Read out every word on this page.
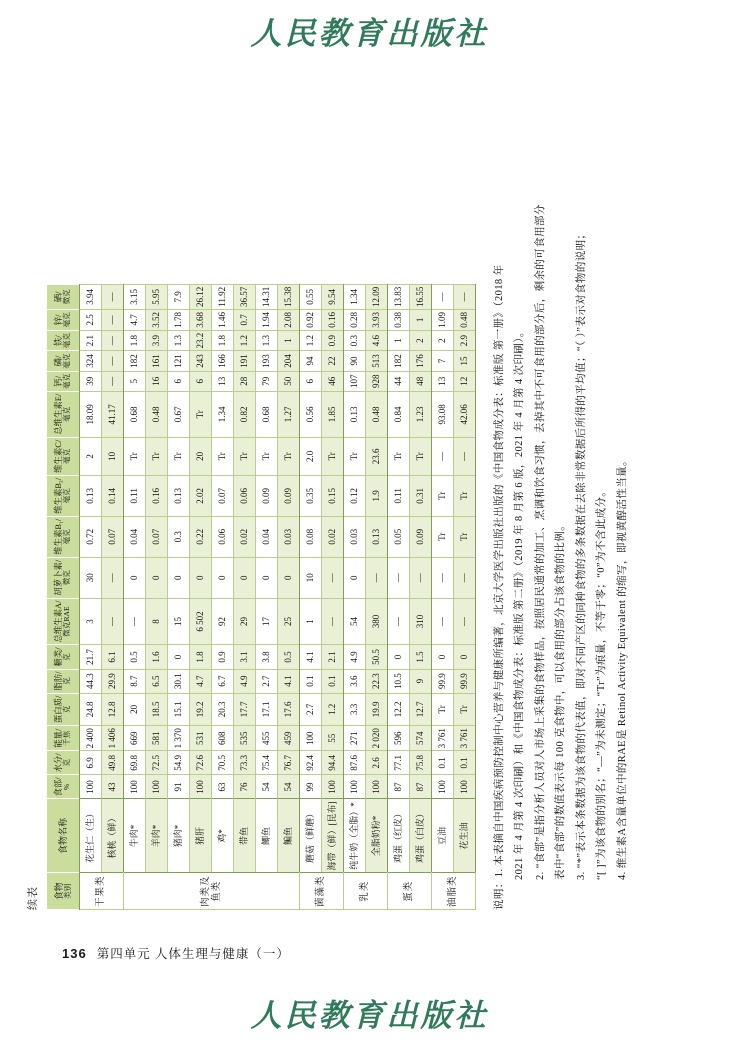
人民教育出版社
续表 食物 类别	食物名称	食部/ %	水分/ 克	能量/ 千焦	蛋白质/ 克	脂肪/ 克	糖类/ 克	总维生素A/ 微克RAE	胡萝卜素/ 微克	维生素B₁/ 毫克	维生素B₂/ 毫克	维生素C/ 毫克	总维生素E/ 毫克	钙/ 毫克	磷/ 毫克	铁/ 毫克	锌/ 毫克	硒/ 微克

干果类	花生仁（生）	100	6.9	2 400	24.8	44.3	21.7	3	30	0.72	0.13	2	18.09	39	324	2.1	2.5	3.94
	核桃（鲜）	43	49.8	1 406	12.8	29.9	6.1	—	—	0.07	0.14	10	41.17	—	—	—	—	—
肉类及
鱼类	牛肉*	100	69.8	669	20	8.7	0.5	—	0	0.04	0.11	Tr	0.68	5	182	1.8	4.7	3.15
	羊肉*	100	72.5	581	18.5	6.5	1.6	8	0	0.07	0.16	Tr	0.48	16	161	3.9	3.52	5.95
	猪肉*	91	54.9	1 370	15.1	30.1	0	15	0	0.3	0.13	Tr	0.67	6	121	1.3	1.78	7.9
	猪肝	100	72.6	531	19.2	4.7	1.8	6 502	0	0.22	2.02	20	Tr	6	243	23.2	3.68	26.12
	鸡*	63	70.5	608	20.3	6.7	0.9	92	0	0.06	0.07	Tr	1.34	13	166	1.8	1.46	11.92
	带鱼	76	73.3	535	17.7	4.9	3.1	29	0	0.02	0.06	Tr	0.82	28	191	1.2	0.7	36.57
	鲫鱼	54	75.4	455	17.1	2.7	3.8	17	0	0.04	0.09	Tr	0.68	79	193	1.3	1.94	14.31
	鳊鱼	54	76.7	459	17.6	4.1	0.5	25	0	0.03	0.09	Tr	1.27	50	204	1	2.08	15.38
菌藻类	蘑菇（鲜蘑）	99	92.4	100	2.7	0.1	4.1	1	10	0.08	0.35	2.0	0.56	6	94	1.2	0.92	0.55
	海带（鲜）[昆布]	100	94.4	55	1.2	0.1	2.1	—	—	0.02	0.15	Tr	1.85	46	22	0.9	0.16	9.54
乳类	纯牛奶（全脂）*	100	87.6	271	3.3	3.6	4.9	54	0	0.03	0.12	Tr	0.13	107	90	0.3	0.28	1.34
	全脂奶粉*	100	2.6	2 020	19.9	22.3	50.5	380	—	0.13	1.9	23.6	0.48	928	513	4.6	3.93	12.09
蛋类	鸡蛋（红皮）	87	77.1	596	12.2	10.5	0	—	—	0.05	0.11	Tr	0.84	44	182	1	0.38	13.83
	鸡蛋（白皮）	87	75.8	574	12.7	9	1.5	310	—	0.09	0.31	Tr	1.23	48	176	2	1	16.55
油脂类	豆油	100	0.1	3 761	Tr	99.9	0	—	—	Tr	Tr	—	93.08	13	7	2	1.09	—
	花生油	100	0.1	3 761	Tr	99.9	0	—	—	Tr	Tr	—	42.06	12	15	2.9	0.48	—
说明：1. 本表摘自中国疾病预防控制中心营养与健康所编著，北京大学医学出版社出版的《中国食物成分表：标准版 第一册》（2018 年 2021 年 4 月第 4 次印刷）和《中国食物成分表：标准版 第二册》（2019 年 8 月第 6 版，2021 年 4 月第 4 次印刷）。 2. “食部”是指分析人员对人市场上采集的食物样品，按照居民通常的加工、烹调和饮食习惯，去掉其中不可食用的部分后，剩余的可食用部分 表中“食部”的数值表示每 100 克食物中，可以食用的部分占该食物的比例。 3. “*”表示本条数据为该食物的代表值，即对不同产区的同种食物的多条数据在去除非常数据后所得的平均值；“（ ）”表示对食物的说明； “[ ]”为该食物的别名；“—”为未测定；“Tr”为痕量，不等于零；“0”为不含此成分。 4. 维生素A含量单位中的RAE是 Retinol Activity Equivalent 的缩写，即视黄醇活性当量。
136 第四单元 人体生理与健康（一）
人民教育出版社
